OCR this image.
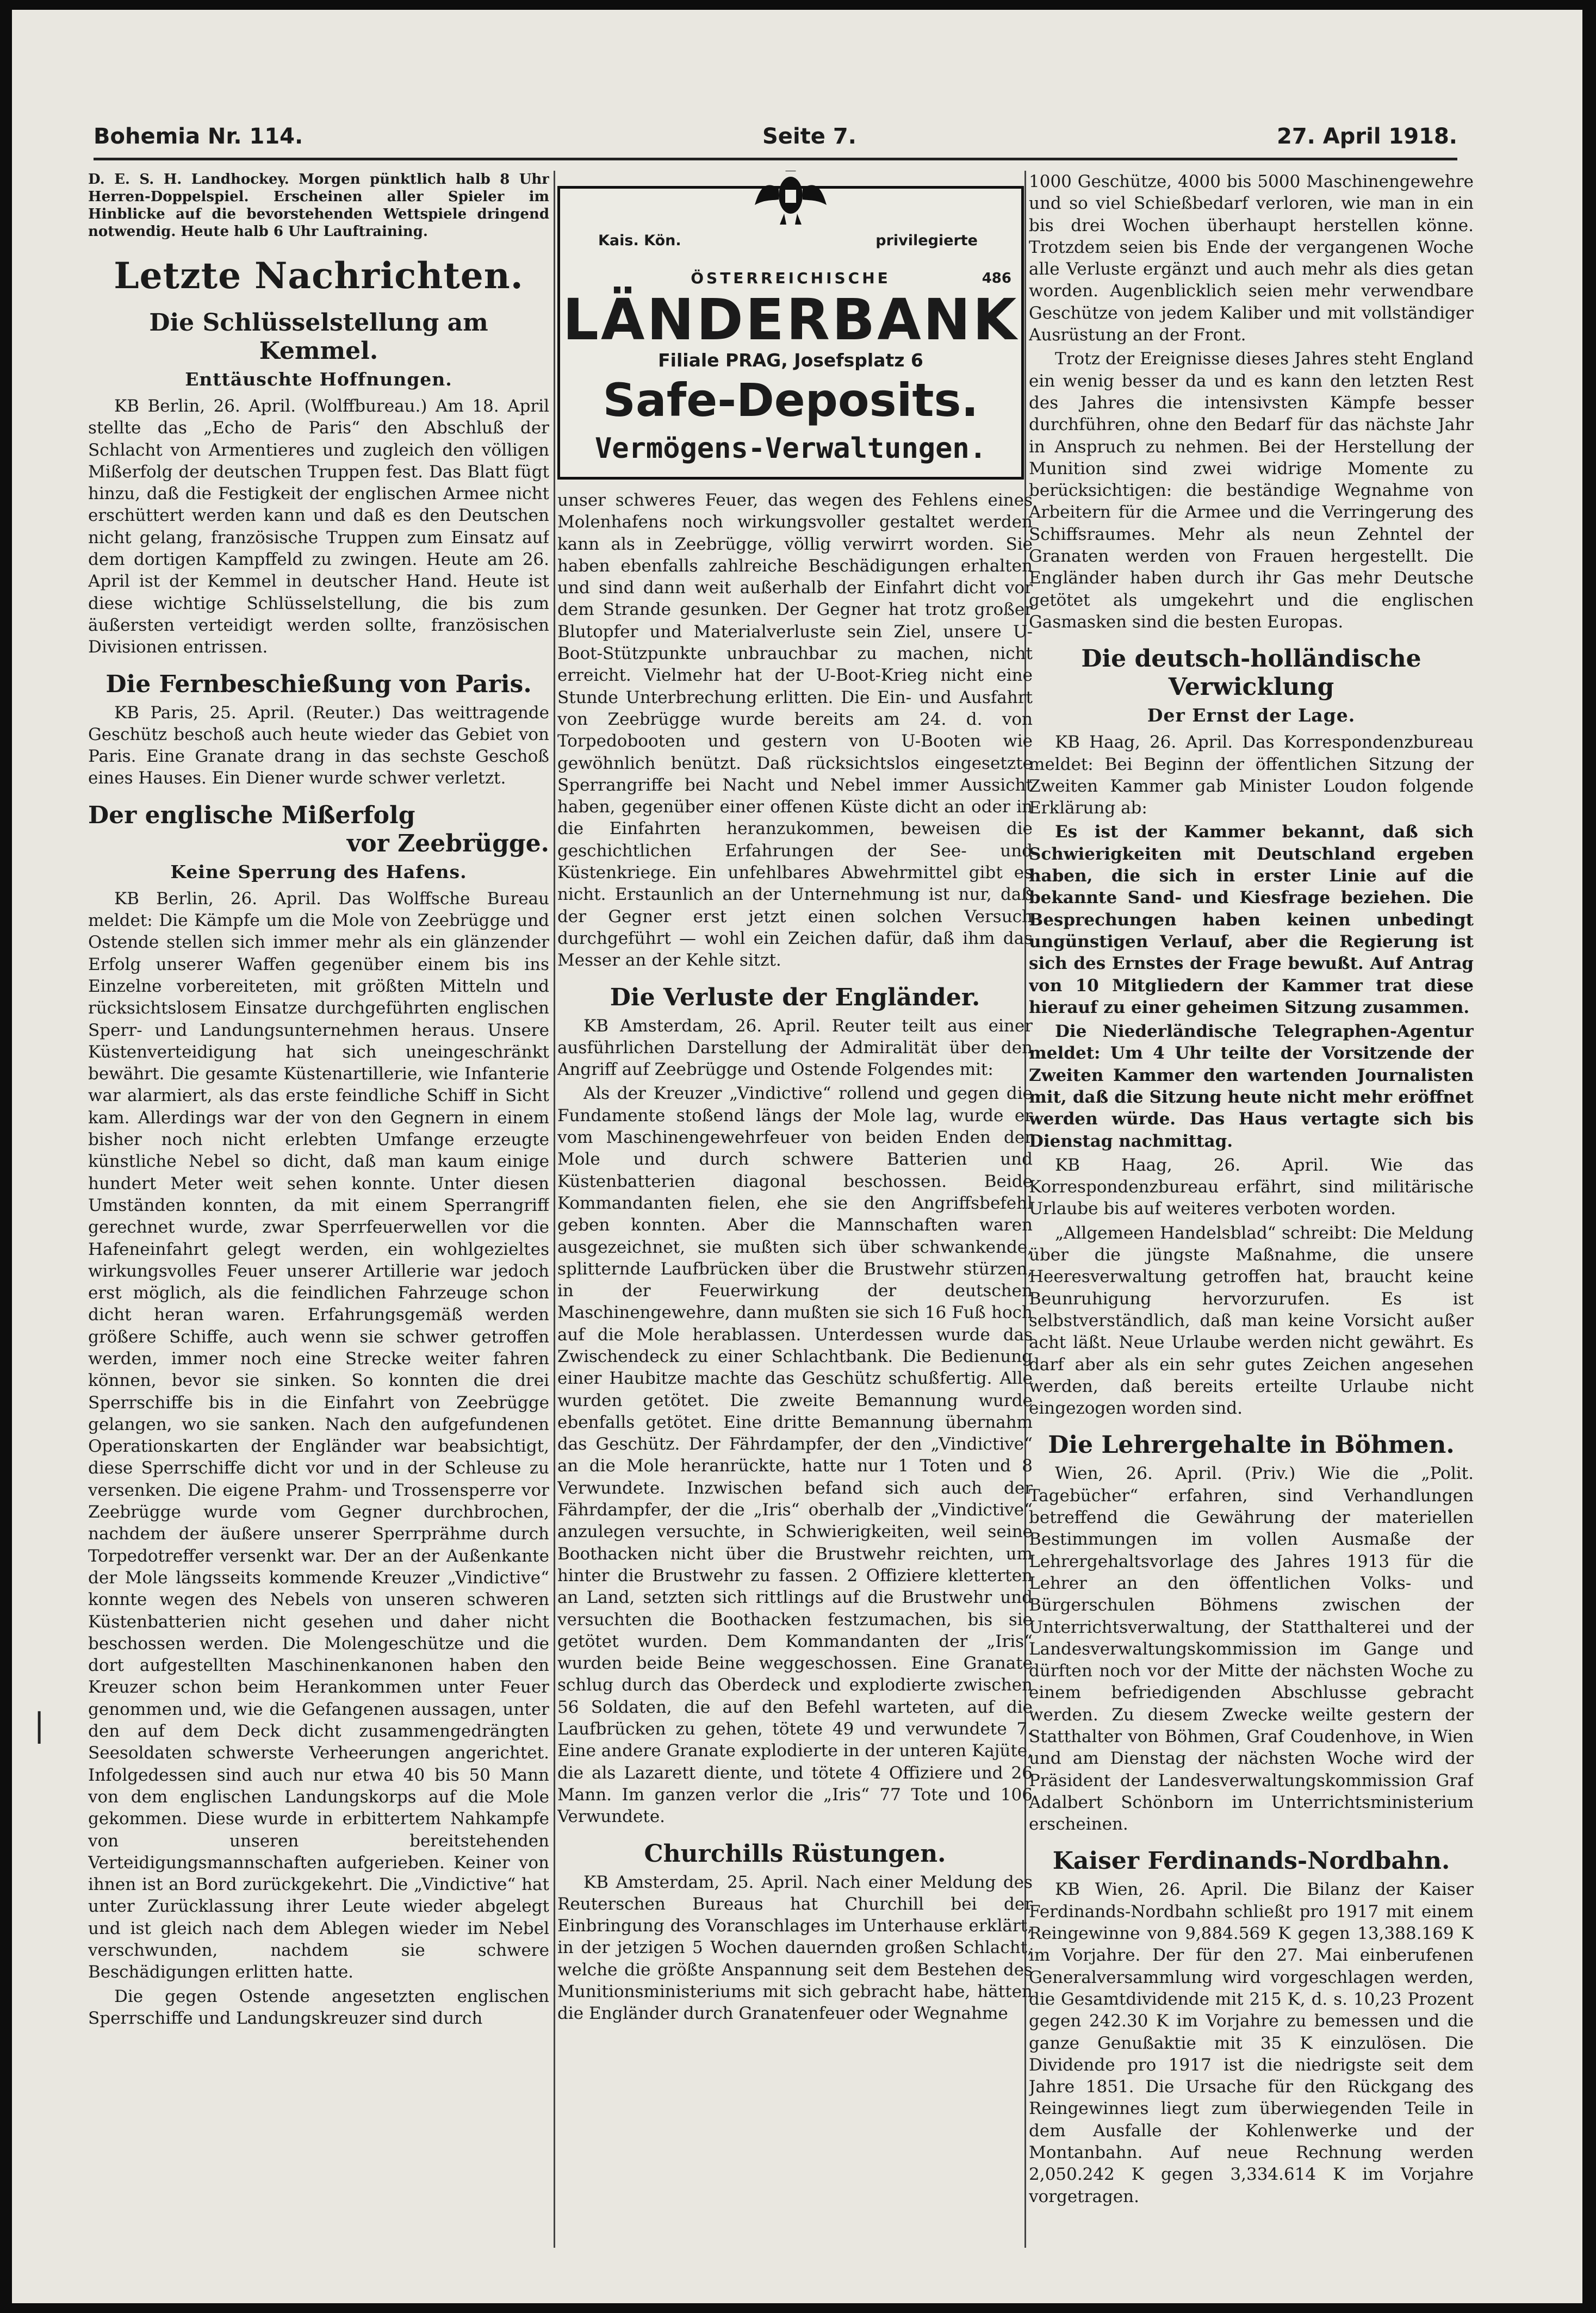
Bohemia Nr. 114.	Seite 7.	27. April 1918.

D. E. S. H. Landhockey. Morgen pünktlich halb 8 Uhr Herren-Doppelspiel. Erscheinen aller Spieler im Hinblicke auf die bevorstehenden Wettspiele dringend notwendig. Heute halb 6 Uhr Lauftraining.

Letzte Nachrichten.
Die Schlüsselstellung am Kemmel.
Enttäuschte Hoffnungen.

KB Berlin, 26. April. (Wolffbureau.) Am 18. April stellte das „Echo de Paris“ den Abschluß der Schlacht von Armentieres und zugleich den völligen Mißerfolg der deutschen Truppen fest. Das Blatt fügt hinzu, daß die Festigkeit der englischen Armee nicht erschüttert werden kann und daß es den Deutschen nicht gelang, französische Truppen zum Einsatz auf dem dortigen Kampffeld zu zwingen. Heute am 26. April ist der Kemmel in deutscher Hand. Heute ist diese wichtige Schlüsselstellung, die bis zum äußersten verteidigt werden sollte, französischen Divisionen entrissen.

Die Fernbeschießung von Paris.

KB Paris, 25. April. (Reuter.) Das weittragende Geschütz beschoß auch heute wieder das Gebiet von Paris. Eine Granate drang in das sechste Geschoß eines Hauses. Ein Diener wurde schwer verletzt.

Der englische Mißerfolg
vor Zeebrügge.
Keine Sperrung des Hafens.

KB Berlin, 26. April. Das Wolffsche Bureau meldet: Die Kämpfe um die Mole von Zeebrügge und Ostende stellen sich immer mehr als ein glänzender Erfolg unserer Waffen gegenüber einem bis ins Einzelne vorbereiteten, mit größten Mitteln und rücksichtslosem Einsatze durchgeführten englischen Sperr- und Landungsunternehmen heraus. Unsere Küstenverteidigung hat sich uneingeschränkt bewährt. Die gesamte Küstenartillerie, wie Infanterie war alarmiert, als das erste feindliche Schiff in Sicht kam. Allerdings war der von den Gegnern in einem bisher noch nicht erlebten Umfange erzeugte künstliche Nebel so dicht, daß man kaum einige hundert Meter weit sehen konnte. Unter diesen Umständen konnten, da mit einem Sperrangriff gerechnet wurde, zwar Sperrfeuerwellen vor die Hafeneinfahrt gelegt werden, ein wohlgezieltes wirkungsvolles Feuer unserer Artillerie war jedoch erst möglich, als die feindlichen Fahrzeuge schon dicht heran waren. Erfahrungsgemäß werden größere Schiffe, auch wenn sie schwer getroffen werden, immer noch eine Strecke weiter fahren können, bevor sie sinken. So konnten die drei Sperrschiffe bis in die Einfahrt von Zeebrügge gelangen, wo sie sanken. Nach den aufgefundenen Operationskarten der Engländer war beabsichtigt, diese Sperrschiffe dicht vor und in der Schleuse zu versenken. Die eigene Prahm- und Trossensperre vor Zeebrügge wurde vom Gegner durchbrochen, nachdem der äußere unserer Sperrprähme durch Torpedotreffer versenkt war. Der an der Außenkante der Mole längsseits kommende Kreuzer „Vindictive“ konnte wegen des Nebels von unseren schweren Küstenbatterien nicht gesehen und daher nicht beschossen werden. Die Molengeschütze und die dort aufgestellten Maschinenkanonen haben den Kreuzer schon beim Herankommen unter Feuer genommen und, wie die Gefangenen aussagen, unter den auf dem Deck dicht zusammengedrängten Seesoldaten schwerste Verheerungen angerichtet. Infolgedessen sind auch nur etwa 40 bis 50 Mann von dem englischen Landungskorps auf die Mole gekommen. Diese wurde in erbittertem Nahkampfe von unseren bereitstehenden Verteidigungsmannschaften aufgerieben. Keiner von ihnen ist an Bord zurückgekehrt. Die „Vindictive“ hat unter Zurücklassung ihrer Leute wieder abgelegt und ist gleich nach dem Ablegen wieder im Nebel verschwunden, nachdem sie schwere Beschädigungen erlitten hatte.

Die gegen Ostende angesetzten englischen Sperrschiffe und Landungskreuzer sind durch

Kais. Kön.	privilegierte
ÖSTERREICHISCHE	486
LÄNDERBANK
Filiale PRAG, Josefsplatz 6
Safe-Deposits.
Vermögens-Verwaltungen.

unser schweres Feuer, das wegen des Fehlens eines Molenhafens noch wirkungsvoller gestaltet werden kann als in Zeebrügge, völlig verwirrt worden. Sie haben ebenfalls zahlreiche Beschädigungen erhalten und sind dann weit außerhalb der Einfahrt dicht vor dem Strande gesunken. Der Gegner hat trotz großer Blutopfer und Materialverluste sein Ziel, unsere U-Boot-Stützpunkte unbrauchbar zu machen, nicht erreicht. Vielmehr hat der U-Boot-Krieg nicht eine Stunde Unterbrechung erlitten. Die Ein- und Ausfahrt von Zeebrügge wurde bereits am 24. d. von Torpedobooten und gestern von U-Booten wie gewöhnlich benützt. Daß rücksichtslos eingesetzte Sperrangriffe bei Nacht und Nebel immer Aussicht haben, gegenüber einer offenen Küste dicht an oder in die Einfahrten heranzukommen, beweisen die geschichtlichen Erfahrungen der See- und Küstenkriege. Ein unfehlbares Abwehrmittel gibt es nicht. Erstaunlich an der Unternehmung ist nur, daß der Gegner erst jetzt einen solchen Versuch durchgeführt — wohl ein Zeichen dafür, daß ihm das Messer an der Kehle sitzt.

Die Verluste der Engländer.

KB Amsterdam, 26. April. Reuter teilt aus einer ausführlichen Darstellung der Admiralität über den Angriff auf Zeebrügge und Ostende Folgendes mit:

Als der Kreuzer „Vindictive“ rollend und gegen die Fundamente stoßend längs der Mole lag, wurde er vom Maschinengewehrfeuer von beiden Enden der Mole und durch schwere Batterien und Küstenbatterien diagonal beschossen. Beide Kommandanten fielen, ehe sie den Angriffsbefehl geben konnten. Aber die Mannschaften waren ausgezeichnet, sie mußten sich über schwankende, splitternde Laufbrücken über die Brustwehr stürzen, in der Feuerwirkung der deutschen Maschinengewehre, dann mußten sie sich 16 Fuß hoch auf die Mole herablassen. Unterdessen wurde das Zwischendeck zu einer Schlachtbank. Die Bedienung einer Haubitze machte das Geschütz schußfertig. Alle wurden getötet. Die zweite Bemannung wurde ebenfalls getötet. Eine dritte Bemannung übernahm das Geschütz. Der Fährdampfer, der den „Vindictive“ an die Mole heranrückte, hatte nur 1 Toten und 8 Verwundete. Inzwischen befand sich auch der Fährdampfer, der die „Iris“ oberhalb der „Vindictive“ anzulegen versuchte, in Schwierigkeiten, weil seine Boothacken nicht über die Brustwehr reichten, um hinter die Brustwehr zu fassen. 2 Offiziere kletterten an Land, setzten sich rittlings auf die Brustwehr und versuchten die Boothacken festzumachen, bis sie getötet wurden. Dem Kommandanten der „Iris“ wurden beide Beine weggeschossen. Eine Granate schlug durch das Oberdeck und explodierte zwischen 56 Soldaten, die auf den Befehl warteten, auf die Laufbrücken zu gehen, tötete 49 und verwundete 7. Eine andere Granate explodierte in der unteren Kajüte, die als Lazarett diente, und tötete 4 Offiziere und 26 Mann. Im ganzen verlor die „Iris“ 77 Tote und 106 Verwundete.

Churchills Rüstungen.

KB Amsterdam, 25. April. Nach einer Meldung des Reuterschen Bureaus hat Churchill bei der Einbringung des Voranschlages im Unterhause erklärt, in der jetzigen 5 Wochen dauernden großen Schlacht, welche die größte Anspannung seit dem Bestehen des Munitionsministeriums mit sich gebracht habe, hätten die Engländer durch Granatenfeuer oder Wegnahme

1000 Geschütze, 4000 bis 5000 Maschinengewehre und so viel Schießbedarf verloren, wie man in ein bis drei Wochen überhaupt herstellen könne. Trotzdem seien bis Ende der vergangenen Woche alle Verluste ergänzt und auch mehr als dies getan worden. Augenblicklich seien mehr verwendbare Geschütze von jedem Kaliber und mit vollständiger Ausrüstung an der Front.

Trotz der Ereignisse dieses Jahres steht England ein wenig besser da und es kann den letzten Rest des Jahres die intensivsten Kämpfe besser durchführen, ohne den Bedarf für das nächste Jahr in Anspruch zu nehmen. Bei der Herstellung der Munition sind zwei widrige Momente zu berücksichtigen: die beständige Wegnahme von Arbeitern für die Armee und die Verringerung des Schiffsraumes. Mehr als neun Zehntel der Granaten werden von Frauen hergestellt. Die Engländer haben durch ihr Gas mehr Deutsche getötet als umgekehrt und die englischen Gasmasken sind die besten Europas.

Die deutsch-holländische Verwicklung
Der Ernst der Lage.

KB Haag, 26. April. Das Korrespondenzbureau meldet: Bei Beginn der öffentlichen Sitzung der Zweiten Kammer gab Minister Loudon folgende Erklärung ab:

Es ist der Kammer bekannt, daß sich Schwierigkeiten mit Deutschland ergeben haben, die sich in erster Linie auf die bekannte Sand- und Kiesfrage beziehen. Die Besprechungen haben keinen unbedingt ungünstigen Verlauf, aber die Regierung ist sich des Ernstes der Frage bewußt. Auf Antrag von 10 Mitgliedern der Kammer trat diese hierauf zu einer geheimen Sitzung zusammen.

Die Niederländische Telegraphen-Agentur meldet: Um 4 Uhr teilte der Vorsitzende der Zweiten Kammer den wartenden Journalisten mit, daß die Sitzung heute nicht mehr eröffnet werden würde. Das Haus vertagte sich bis Dienstag nachmittag.

KB Haag, 26. April. Wie das Korrespondenzbureau erfährt, sind militärische Urlaube bis auf weiteres verboten worden.

„Allgemeen Handelsblad“ schreibt: Die Meldung über die jüngste Maßnahme, die unsere Heeresverwaltung getroffen hat, braucht keine Beunruhigung hervorzurufen. Es ist selbstverständlich, daß man keine Vorsicht außer acht läßt. Neue Urlaube werden nicht gewährt. Es darf aber als ein sehr gutes Zeichen angesehen werden, daß bereits erteilte Urlaube nicht eingezogen worden sind.

Die Lehrergehalte in Böhmen.

Wien, 26. April. (Priv.) Wie die „Polit. Tagebücher“ erfahren, sind Verhandlungen betreffend die Gewährung der materiellen Bestimmungen im vollen Ausmaße der Lehrergehaltsvorlage des Jahres 1913 für die Lehrer an den öffentlichen Volks- und Bürgerschulen Böhmens zwischen der Unterrichtsverwaltung, der Statthalterei und der Landesverwaltungskommission im Gange und dürften noch vor der Mitte der nächsten Woche zu einem befriedigenden Abschlusse gebracht werden. Zu diesem Zwecke weilte gestern der Statthalter von Böhmen, Graf Coudenhove, in Wien und am Dienstag der nächsten Woche wird der Präsident der Landesverwaltungskommission Graf Adalbert Schönborn im Unterrichtsministerium erscheinen.

Kaiser Ferdinands-Nordbahn.

KB Wien, 26. April. Die Bilanz der Kaiser Ferdinands-Nordbahn schließt pro 1917 mit einem Reingewinne von 9,884.569 K gegen 13,388.169 K im Vorjahre. Der für den 27. Mai einberufenen Generalversammlung wird vorgeschlagen werden, die Gesamtdividende mit 215 K, d. s. 10,23 Prozent gegen 242.30 K im Vorjahre zu bemessen und die ganze Genußaktie mit 35 K einzulösen. Die Dividende pro 1917 ist die niedrigste seit dem Jahre 1851. Die Ursache für den Rückgang des Reingewinnes liegt zum überwiegenden Teile in dem Ausfalle der Kohlenwerke und der Montanbahn. Auf neue Rechnung werden 2,050.242 K gegen 3,334.614 K im Vorjahre vorgetragen.

|
